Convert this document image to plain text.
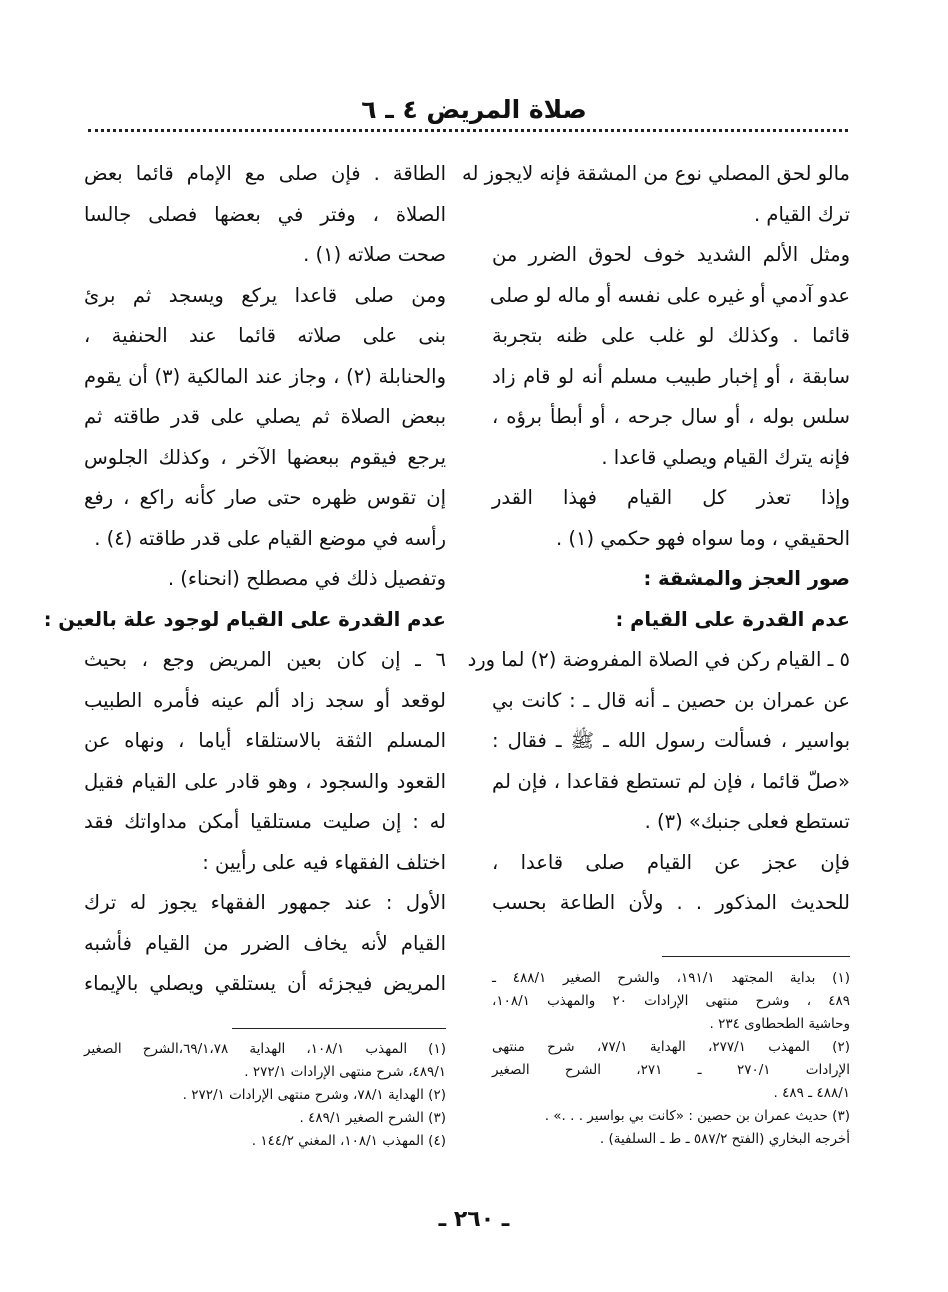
صلاة المريض ٤ ـ ٦
مالو لحق المصلي نوع من المشقة فإنه لايجوز له
ترك القيام .
ومثل الألم الشديد خوف لحوق الضرر من
عدو آدمي أو غيره على نفسه أو ماله لو صلى
قائما . وكذلك لو غلب على ظنه بتجربة
سابقة ، أو إخبار طبيب مسلم أنه لو قام زاد
سلس بوله ، أو سال جرحه ، أو أبطأ برؤه ،
فإنه يترك القيام ويصلي قاعدا .
وإذا تعذر كل القيام فهذا القدر
الحقيقي ، وما سواه فهو حكمي (١) .
صور العجز والمشقة :
عدم القدرة على القيام :
٥ ـ القيام ركن في الصلاة المفروضة (٢) لما ورد
عن عمران بن حصين ـ أنه قال ـ : كانت بي
بواسير ، فسألت رسول الله ـ ﷺ ـ فقال :
«صلّ قائما ، فإن لم تستطع فقاعدا ، فإن لم
تستطع فعلى جنبك» (٣) .
فإن عجز عن القيام صلى قاعدا ،
للحديث المذكور . . ولأن الطاعة بحسب
الطاقة . فإن صلى مع الإمام قائما بعض
الصلاة ، وفتر في بعضها فصلى جالسا
صحت صلاته (١) .
ومن صلى قاعدا يركع ويسجد ثم برئ
بنى على صلاته قائما عند الحنفية ،
والحنابلة (٢) ، وجاز عند المالكية (٣) أن يقوم
ببعض الصلاة ثم يصلي على قدر طاقته ثم
يرجع فيقوم ببعضها الآخر ، وكذلك الجلوس
إن تقوس ظهره حتى صار كأنه راكع ، رفع
رأسه في موضع القيام على قدر طاقته (٤) .
وتفصيل ذلك في مصطلح (انحناء) .
عدم القدرة على القيام لوجود علة بالعين :
٦ ـ إن كان بعين المريض وجع ، بحيث
لوقعد أو سجد زاد ألم عينه فأمره الطبيب
المسلم الثقة بالاستلقاء أياما ، ونهاه عن
القعود والسجود ، وهو قادر على القيام فقيل
له : إن صليت مستلقيا أمكن مداواتك فقد
اختلف الفقهاء فيه على رأيين :
الأول : عند جمهور الفقهاء يجوز له ترك
القيام لأنه يخاف الضرر من القيام فأشبه
المريض فيجزئه أن يستلقي ويصلي بالإيماء	(١) بداية المجتهد ١٩١/١، والشرح الصغير ٤٨٨/١ ـ
٤٨٩ ، وشرح منتهى الإرادات ٢٠ والمهذب ١٠٨/١،
وحاشية الطحطاوى ٢٣٤ .
(٢) المهذب ٢٧٧/١، الهداية ٧٧/١، شرح منتهى
الإرادات ٢٧٠/١ ـ ٢٧١، الشرح الصغير
٤٨٨/١ ـ ٤٨٩ .
(٣) حديث عمران بن حصين : «كانت بي بواسير . . .» .
أخرجه البخاري (الفتح ٥٨٧/٢ ـ ط ـ السلفية) .
(١) المهذب ١٠٨/١، الهداية ٦٩/١،٧٨،الشرح الصغير
٤٨٩/١، شرح منتهى الإرادات ٢٧٢/١ .
(٢) الهداية ٧٨/١، وشرح منتهى الإرادات ٢٧٢/١ .
(٣) الشرح الصغير ٤٨٩/١ .
(٤) المهذب ١٠٨/١، المغني ١٤٤/٢ .
ـ ٢٦٠ ـ
